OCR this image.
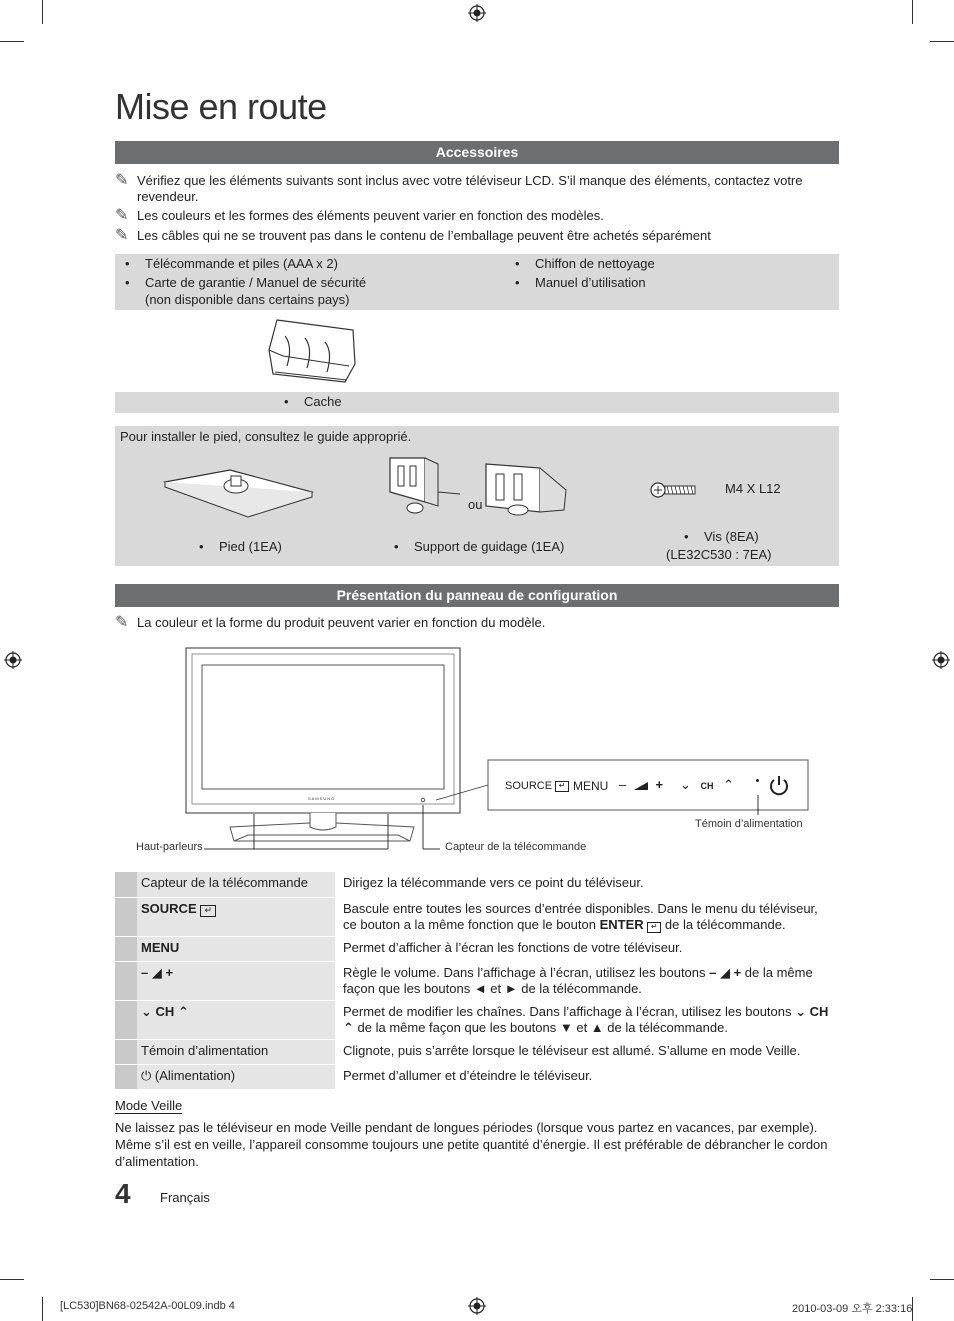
Mise en route
Accessoires
✎ Vérifiez que les éléments suivants sont inclus avec votre téléviseur LCD. S’il manque des éléments, contactez votre revendeur.
✎ Les couleurs et les formes des éléments peuvent varier en fonction des modèles.
✎ Les câbles qui ne se trouvent pas dans le contenu de l’emballage peuvent être achetés séparément
• Télécommande et piles (AAA x 2)
• Carte de garantie / Manuel de sécurité (non disponible dans certains pays)
• Chiffon de nettoyage
• Manuel d’utilisation
• Cache
Pour installer le pied, consultez le guide approprié.
ou
M4 X L12
• Pied (1EA)	• Support de guidage (1EA)
• Vis (8EA)
(LE32C530 : 7EA)
Présentation du panneau de configuration
✎ La couleur et la forme du produit peuvent varier en fonction du modèle.
SAMSUNG
SOURCE ↵ MENU – + ⌄ CH ⌃
Haut-parleurs	Capteur de la télécommande
Témoin d’alimentation
	Capteur de la télécommande	Dirigez la télécommande vers ce point du téléviseur.
	SOURCE ↵	Bascule entre toutes les sources d’entrée disponibles. Dans le menu du téléviseur, ce bouton a la même fonction que le bouton ENTER ↵ de la télécommande.
	MENU	Permet d’afficher à l’écran les fonctions de votre téléviseur.
	– ◢ +	Règle le volume. Dans l’affichage à l’écran, utilisez les boutons – ◢ + de la même façon que les boutons ◄ et ► de la télécommande.
	⌄ CH ⌃	Permet de modifier les chaînes. Dans l’affichage à l’écran, utilisez les boutons ⌄ CH ⌃ de la même façon que les boutons ▼ et ▲ de la télécommande.
	Témoin d’alimentation	Clignote, puis s’arrête lorsque le téléviseur est allumé. S’allume en mode Veille.
	⏻ (Alimentation)	Permet d’allumer et d’éteindre le téléviseur.
Mode Veille
Ne laissez pas le téléviseur en mode Veille pendant de longues périodes (lorsque vous partez en vacances, par exemple). Même s’il est en veille, l’appareil consomme toujours une petite quantité d’énergie. Il est préférable de débrancher le cordon d’alimentation.
4 Français
[LC530]BN68-02542A-00L09.indb 4	2010-03-09 오후 2:33:16
